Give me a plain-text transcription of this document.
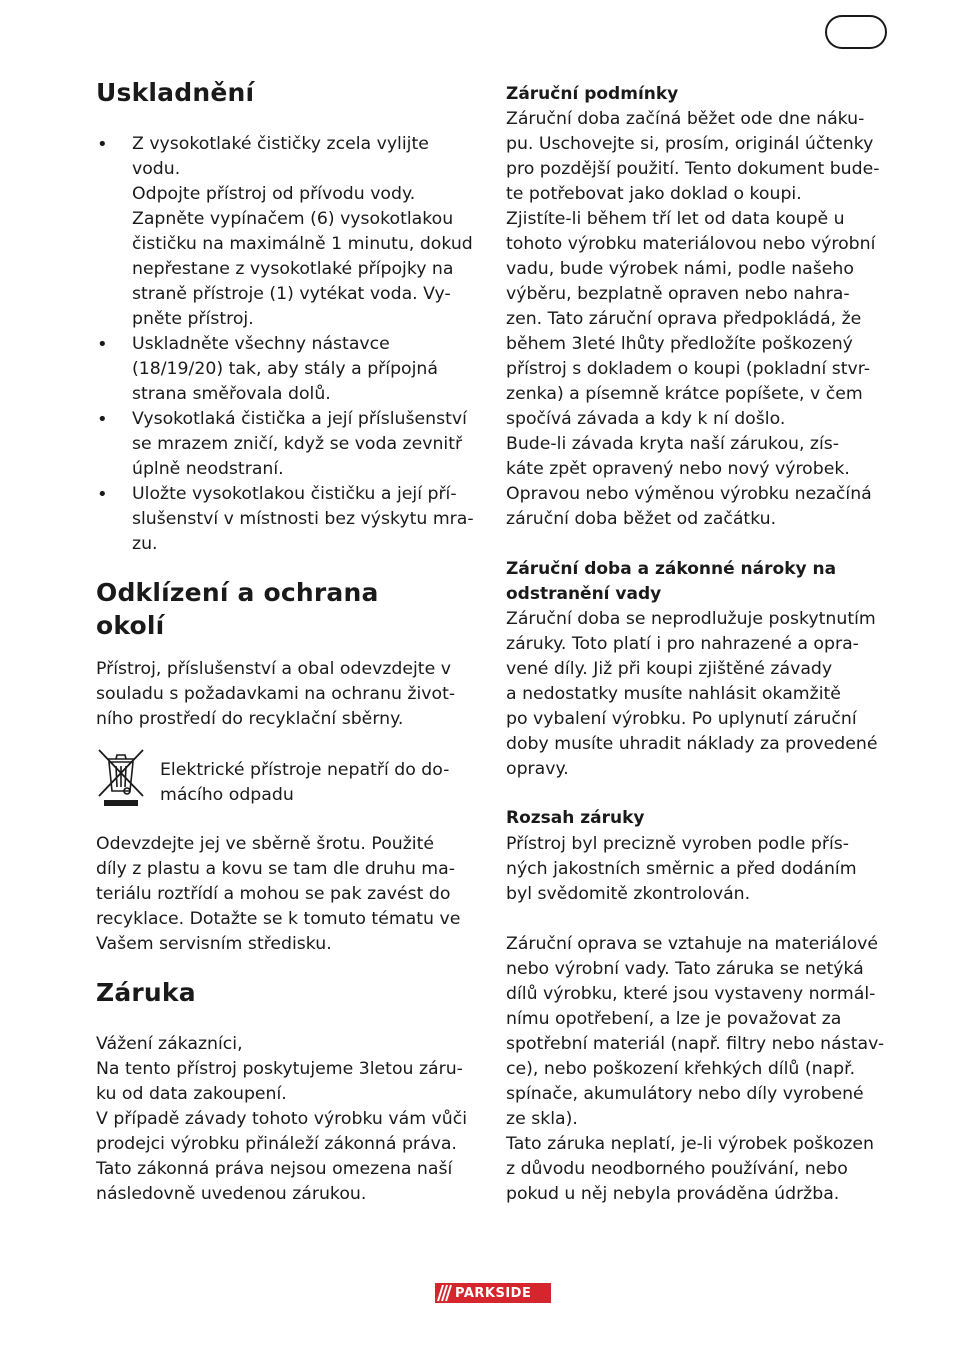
Uskladnění
• Z vysokotlaké čističky zcela vylijte
vodu.
Odpojte přístroj od přívodu vody.
Zapněte vypínačem (6) vysokotlakou
čističku na maximálně 1 minutu, dokud
nepřestane z vysokotlaké přípojky na
straně přístroje (1) vytékat voda. Vy-
pněte přístroj.
• Uskladněte všechny nástavce
(18/19/20) tak, aby stály a přípojná
strana směřovala dolů.
• Vysokotlaká čistička a její příslušenství
se mrazem zničí, když se voda zevnitř
úplně neodstraní.
• Uložte vysokotlakou čističku a její pří-
slušenství v místnosti bez výskytu mra-
zu.
Odklízení a ochrana
okolí

Přístroj, příslušenství a obal odevzdejte v
souladu s požadavkami na ochranu život-
ního prostředí do recyklační sběrny.

Elektrické přístroje nepatří do do-
mácího odpadu

Odevzdejte jej ve sběrně šrotu. Použité
díly z plastu a kovu se tam dle druhu ma-
teriálu roztřídí a mohou se pak zavést do
recyklace. Dotažte se k tomuto tématu ve
Vašem servisním středisku.

Záruka

Vážení zákazníci,
Na tento přístroj poskytujeme 3letou záru-
ku od data zakoupení.
V případě závady tohoto výrobku vám vůči
prodejci výrobku přináleží zákonná práva.
Tato zákonná práva nejsou omezena naší
následovně uvedenou zárukou.

Záruční podmínky

Záruční doba začíná běžet ode dne náku-
pu. Uschovejte si, prosím, originál účtenky
pro pozdější použití. Tento dokument bude-
te potřebovat jako doklad o koupi.
Zjistíte-li během tří let od data koupě u
tohoto výrobku materiálovou nebo výrobní
vadu, bude výrobek námi, podle našeho
výběru, bezplatně opraven nebo nahra-
zen. Tato záruční oprava předpokládá, že
během 3leté lhůty předložíte poškozený
přístroj s dokladem o koupi (pokladní stvr-
zenka) a písemně krátce popíšete, v čem
spočívá závada a kdy k ní došlo.
Bude-li závada kryta naší zárukou, zís-
káte zpět opravený nebo nový výrobek.
Opravou nebo výměnou výrobku nezačíná
záruční doba běžet od začátku.

Záruční doba a zákonné nároky na
odstranění vady

Záruční doba se neprodlužuje poskytnutím
záruky. Toto platí i pro nahrazené a opra-
vené díly. Již při koupi zjištěné závady
a nedostatky musíte nahlásit okamžitě
po vybalení výrobku. Po uplynutí záruční
doby musíte uhradit náklady za provedené
opravy.

Rozsah záruky

Přístroj byl precizně vyroben podle přís-
ných jakostních směrnic a před dodáním
byl svědomitě zkontrolován.

Záruční oprava se vztahuje na materiálové
nebo výrobní vady. Tato záruka se netýká
dílů výrobku, které jsou vystaveny normál-
nímu opotřebení, a lze je považovat za
spotřební materiál (např. filtry nebo nástav-
ce), nebo poškození křehkých dílů (např.
spínače, akumulátory nebo díly vyrobené
ze skla).
Tato záruka neplatí, je-li výrobek poškozen
z důvodu neodborného používání, nebo
pokud u něj nebyla prováděna údržba.

PARKSIDE
